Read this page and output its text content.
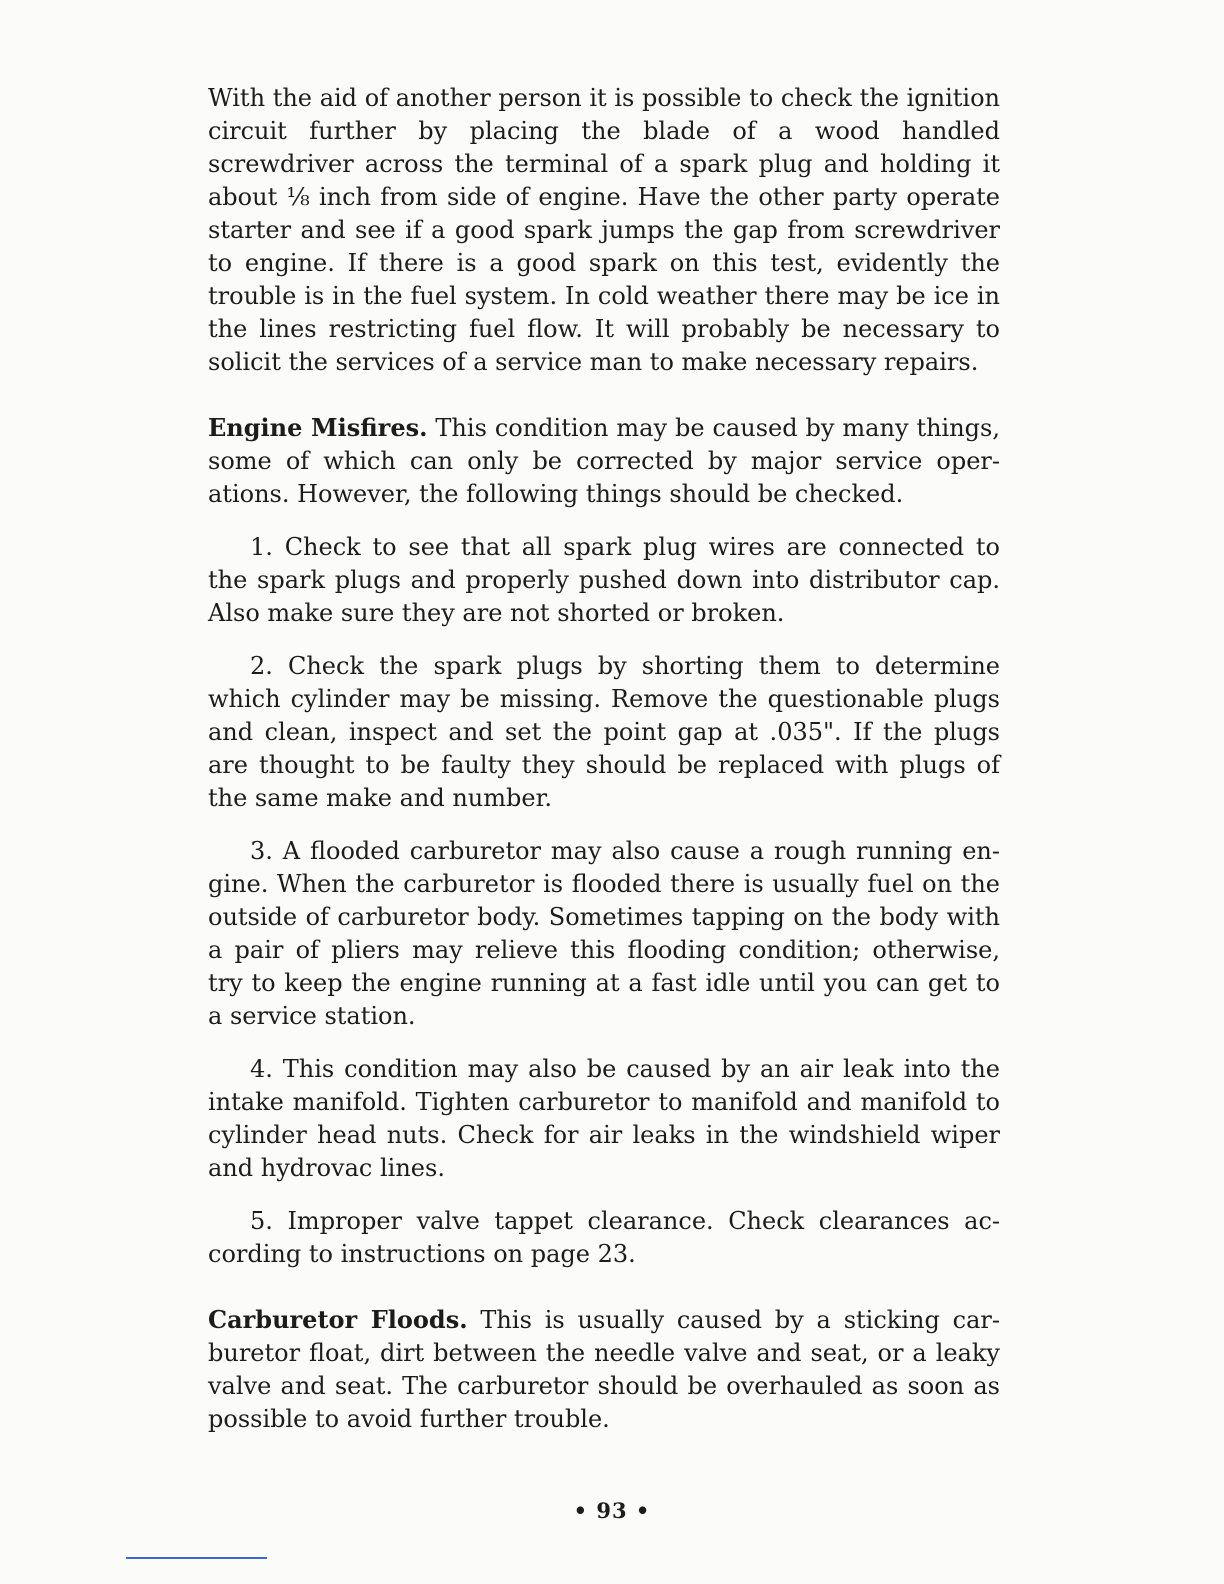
With the aid of another person it is possible to check the ignition circuit further by placing the blade of a wood handled screwdriver across the terminal of a spark plug and holding it about ⅛ inch from side of engine. Have the other party operate starter and see if a good spark jumps the gap from screwdriver to engine. If there is a good spark on this test, evidently the trouble is in the fuel system. In cold weather there may be ice in the lines restricting fuel flow. It will probably be necessary to solicit the services of a service man to make necessary repairs.

Engine Misfires. This condition may be caused by many things, some of which can only be corrected by major service operations. However, the following things should be checked.

1. Check to see that all spark plug wires are connected to the spark plugs and properly pushed down into distributor cap. Also make sure they are not shorted or broken.

2. Check the spark plugs by shorting them to determine which cylinder may be missing. Remove the questionable plugs and clean, inspect and set the point gap at .035". If the plugs are thought to be faulty they should be replaced with plugs of the same make and number.

3. A flooded carburetor may also cause a rough running engine. When the carburetor is flooded there is usually fuel on the outside of carburetor body. Sometimes tapping on the body with a pair of pliers may relieve this flooding condition; otherwise, try to keep the engine running at a fast idle until you can get to a service station.

4. This condition may also be caused by an air leak into the intake manifold. Tighten carburetor to manifold and manifold to cylinder head nuts. Check for air leaks in the windshield wiper and hydrovac lines.

5. Improper valve tappet clearance. Check clearances according to instructions on page 23.

Carburetor Floods. This is usually caused by a sticking carburetor float, dirt between the needle valve and seat, or a leaky valve and seat. The carburetor should be overhauled as soon as possible to avoid further trouble.

• 93 •
